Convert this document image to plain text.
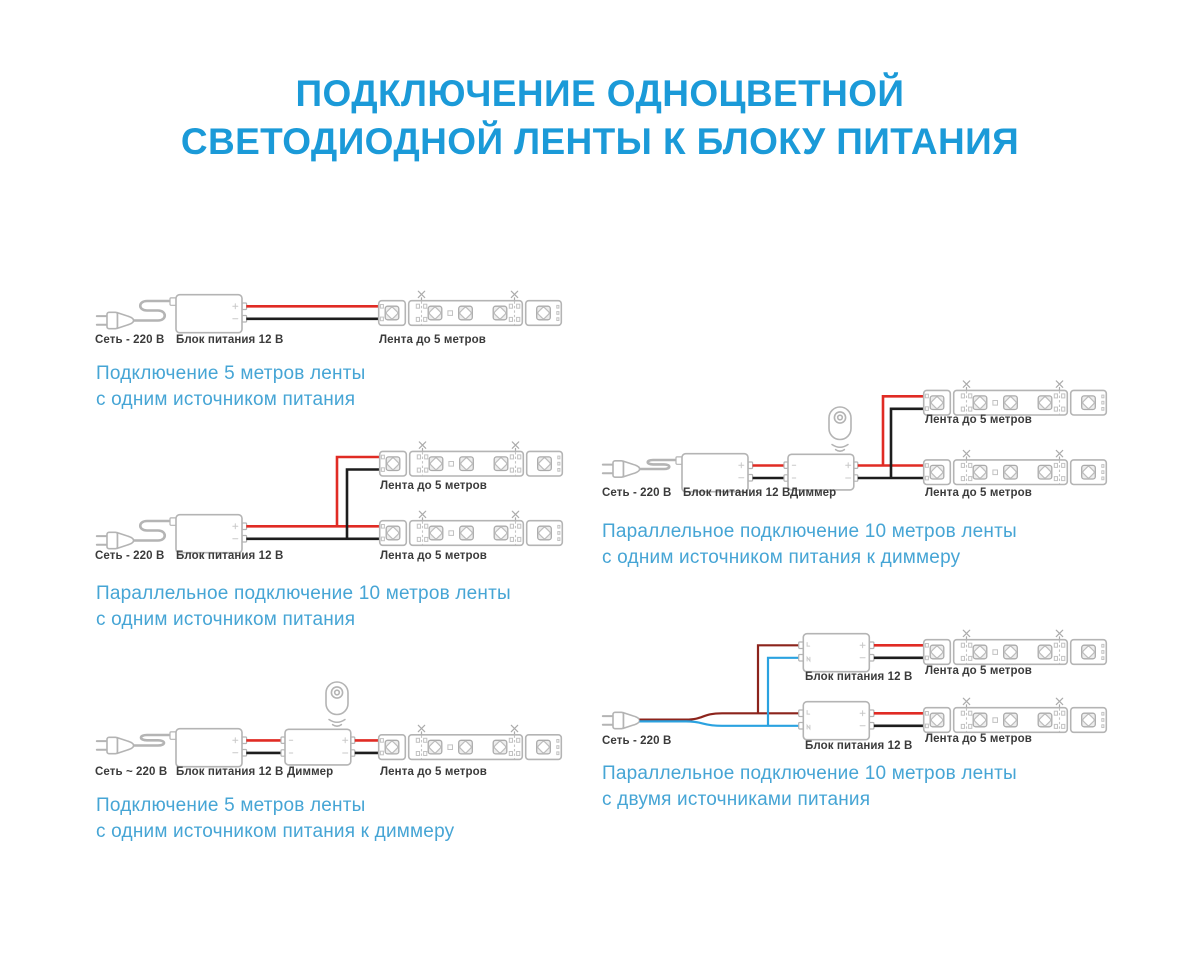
ПОДКЛЮЧЕНИЕ ОДНОЦВЕТНОЙ
СВЕТОДИОДНОЙ ЛЕНТЫ К БЛОКУ ПИТАНИЯ
Сеть - 220 В Блок питания 12 В	Лента до 5 метров
Подключение 5 метров ленты
с одним источником питания
Лента до 5 метров
Сеть - 220 В Блок питания 12 В	Лента до 5 метров
Параллельное подключение 10 метров ленты
с одним источником питания
Сеть ~ 220 В Блок питания 12 В Диммер	Лента до 5 метров
Подключение 5 метров ленты
с одним источником питания к диммеру
Лента до 5 метров
Сеть - 220 В Блок питания 12 В Диммер	Лента до 5 метров
Параллельное подключение 10 метров ленты
с одним источником питания к диммеру
Блок питания 12 В Лента до 5 метров
Сеть - 220 В	Блок питания 12 В
Лента до 5 метров
Параллельное подключение 10 метров ленты
с двумя источниками питания
